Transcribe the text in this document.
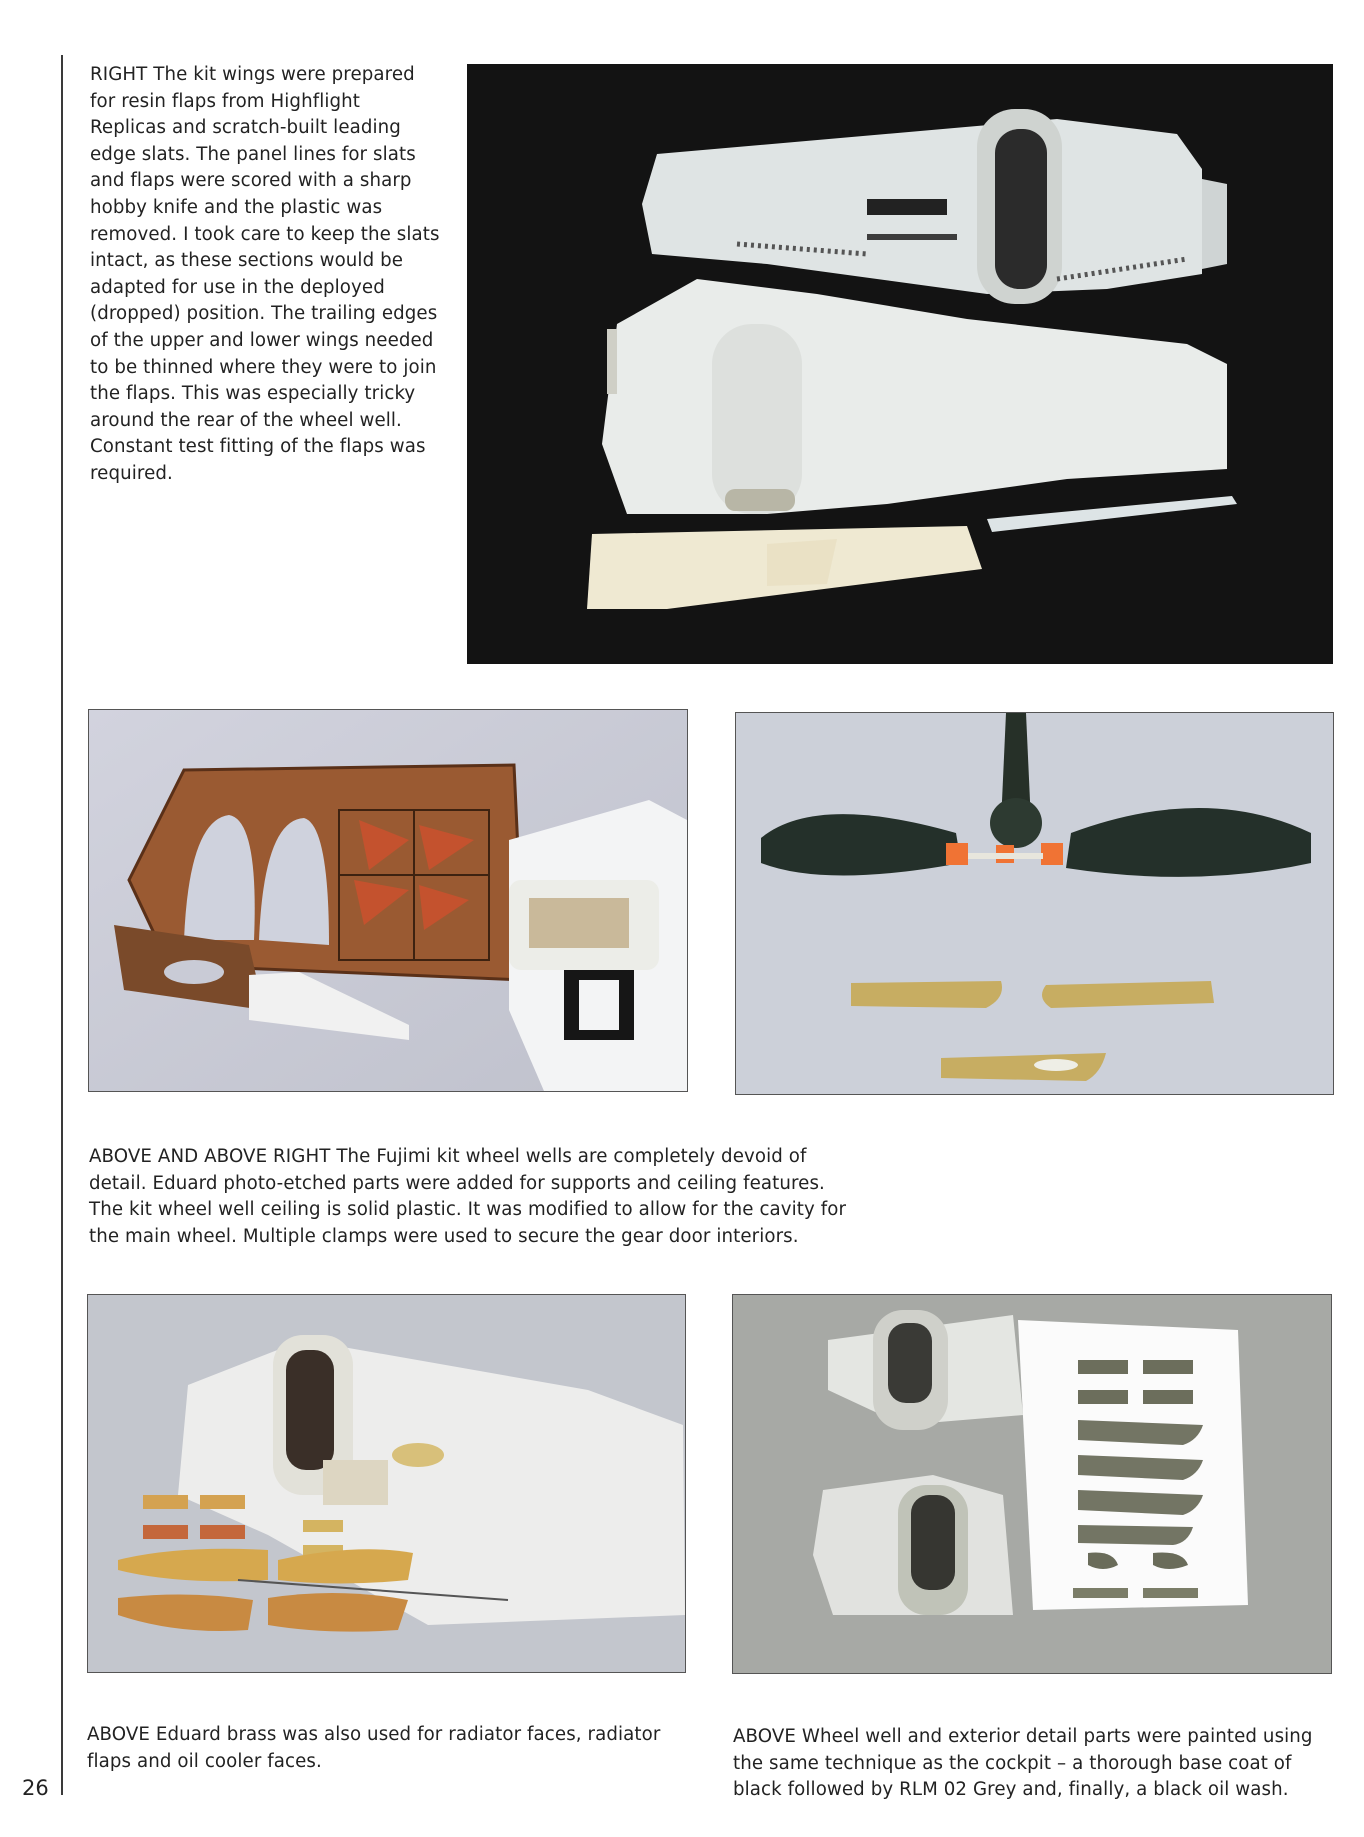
RIGHT The kit wings were prepared for resin flaps from Highflight Replicas and scratch-built leading edge slats. The panel lines for slats and flaps were scored with a sharp hobby knife and the plastic was removed. I took care to keep the slats intact, as these sections would be adapted for use in the deployed (dropped) position. The trailing edges of the upper and lower wings needed to be thinned where they were to join the flaps. This was especially tricky around the rear of the wheel well. Constant test fitting of the flaps was required.
ABOVE AND ABOVE RIGHT The Fujimi kit wheel wells are completely devoid of detail. Eduard photo-etched parts were added for supports and ceiling features. The kit wheel well ceiling is solid plastic. It was modified to allow for the cavity for the main wheel. Multiple clamps were used to secure the gear door interiors.
ABOVE Eduard brass was also used for radiator faces, radiator flaps and oil cooler faces.
ABOVE Wheel well and exterior detail parts were painted using the same technique as the cockpit – a thorough base coat of black followed by RLM 02 Grey and, finally, a black oil wash.
26
